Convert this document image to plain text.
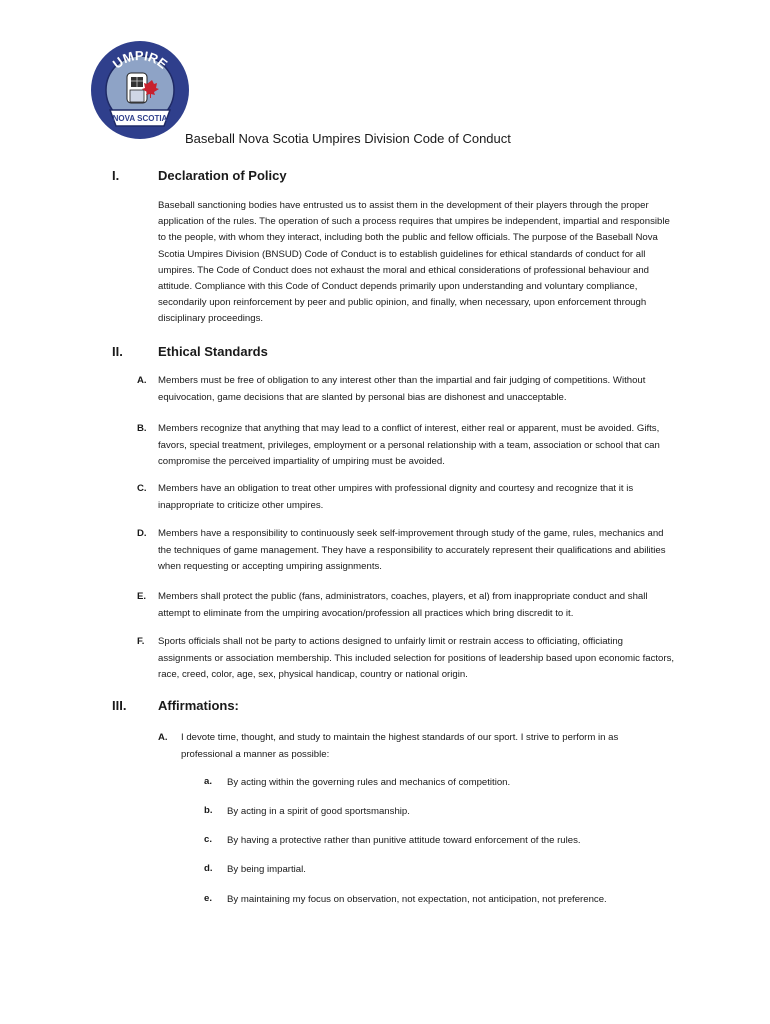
UMPIRE
NOVA SCOTIA
Baseball Nova Scotia Umpires Division Code of Conduct
I.	Declaration of Policy
Baseball sanctioning bodies have entrusted us to assist them in the development of their players through the proper application of the rules. The operation of such a process requires that umpires be independent, impartial and responsible to the people, with whom they interact, including both the public and fellow officials. The purpose of the Baseball Nova Scotia Umpires Division (BNSUD) Code of Conduct is to establish guidelines for ethical standards of conduct for all umpires. The Code of Conduct does not exhaust the moral and ethical considerations of professional behaviour and attitude. Compliance with this Code of Conduct depends primarily upon understanding and voluntary compliance, secondarily upon reinforcement by peer and public opinion, and finally, when necessary, upon enforcement through disciplinary proceedings.
II.	Ethical Standards
A. Members must be free of obligation to any interest other than the impartial and fair judging of competitions. Without equivocation, game decisions that are slanted by personal bias are dishonest and unacceptable.
B. Members recognize that anything that may lead to a conflict of interest, either real or apparent, must be avoided. Gifts, favors, special treatment, privileges, employment or a personal relationship with a team, association or school that can compromise the perceived impartiality of umpiring must be avoided.
C. Members have an obligation to treat other umpires with professional dignity and courtesy and recognize that it is inappropriate to criticize other umpires.
D. Members have a responsibility to continuously seek self-improvement through study of the game, rules, mechanics and the techniques of game management. They have a responsibility to accurately represent their qualifications and abilities when requesting or accepting umpiring assignments.
E. Members shall protect the public (fans, administrators, coaches, players, et al) from inappropriate conduct and shall attempt to eliminate from the umpiring avocation/profession all practices which bring discredit to it.
F. Sports officials shall not be party to actions designed to unfairly limit or restrain access to officiating, officiating assignments or association membership. This included selection for positions of leadership based upon economic factors, race, creed, color, age, sex, physical handicap, country or national origin.
III. Affirmations:
A. I devote time, thought, and study to maintain the highest standards of our sport. I strive to perform in as professional a manner as possible:
a. By acting within the governing rules and mechanics of competition.
b. By acting in a spirit of good sportsmanship.
c. By having a protective rather than punitive attitude toward enforcement of the rules.
d. By being impartial.
e. By maintaining my focus on observation, not expectation, not anticipation, not preference.
